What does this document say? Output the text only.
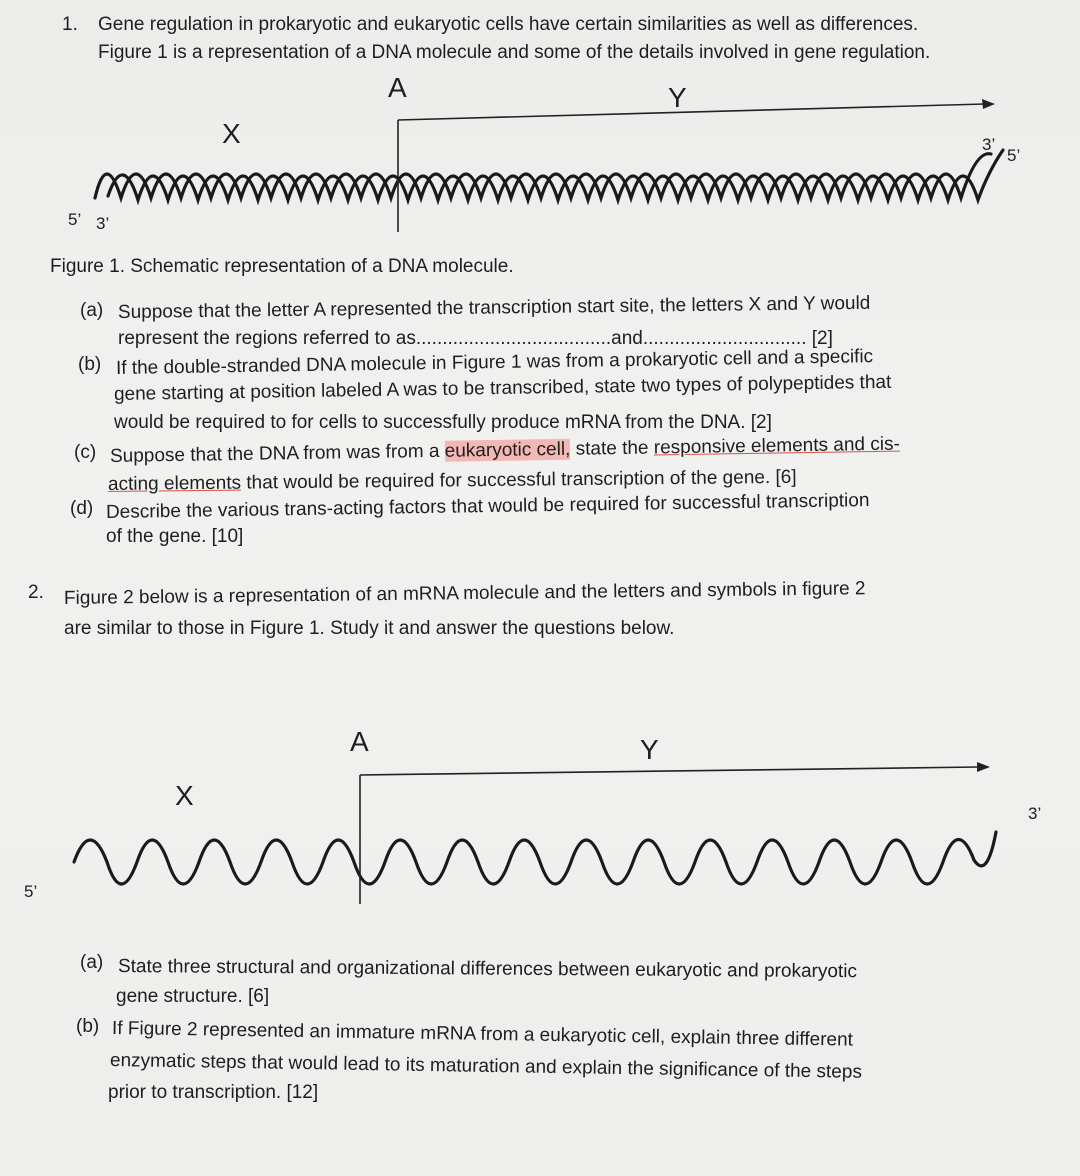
1. Gene regulation in prokaryotic and eukaryotic cells have certain similarities as well as differences.
Figure 1 is a representation of a DNA molecule and some of the details involved in gene regulation.
A	Y
X	3’
5’
5’ 3’
Figure 1. Schematic representation of a DNA molecule.
(a) Suppose that the letter A represented the transcription start site, the letters X and Y would
represent the regions referred to as.....................................and............................... [2]
(b) If the double-stranded DNA molecule in Figure 1 was from a prokaryotic cell and a specific
gene starting at position labeled A was to be transcribed, state two types of polypeptides that
would be required to for cells to successfully produce mRNA from the DNA. [2]
(c) Suppose that the DNA from was from a eukaryotic cell, state the responsive elements and cis-
acting elements that would be required for successful transcription of the gene. [6]
(d) Describe the various trans-acting factors that would be required for successful transcription
of the gene. [10]
2. Figure 2 below is a representation of an mRNA molecule and the letters and symbols in figure 2
are similar to those in Figure 1. Study it and answer the questions below.
A	Y
X
3’
5’
(a) State three structural and organizational differences between eukaryotic and prokaryotic
gene structure. [6]
(b) If Figure 2 represented an immature mRNA from a eukaryotic cell, explain three different
enzymatic steps that would lead to its maturation and explain the significance of the steps
prior to transcription. [12]
